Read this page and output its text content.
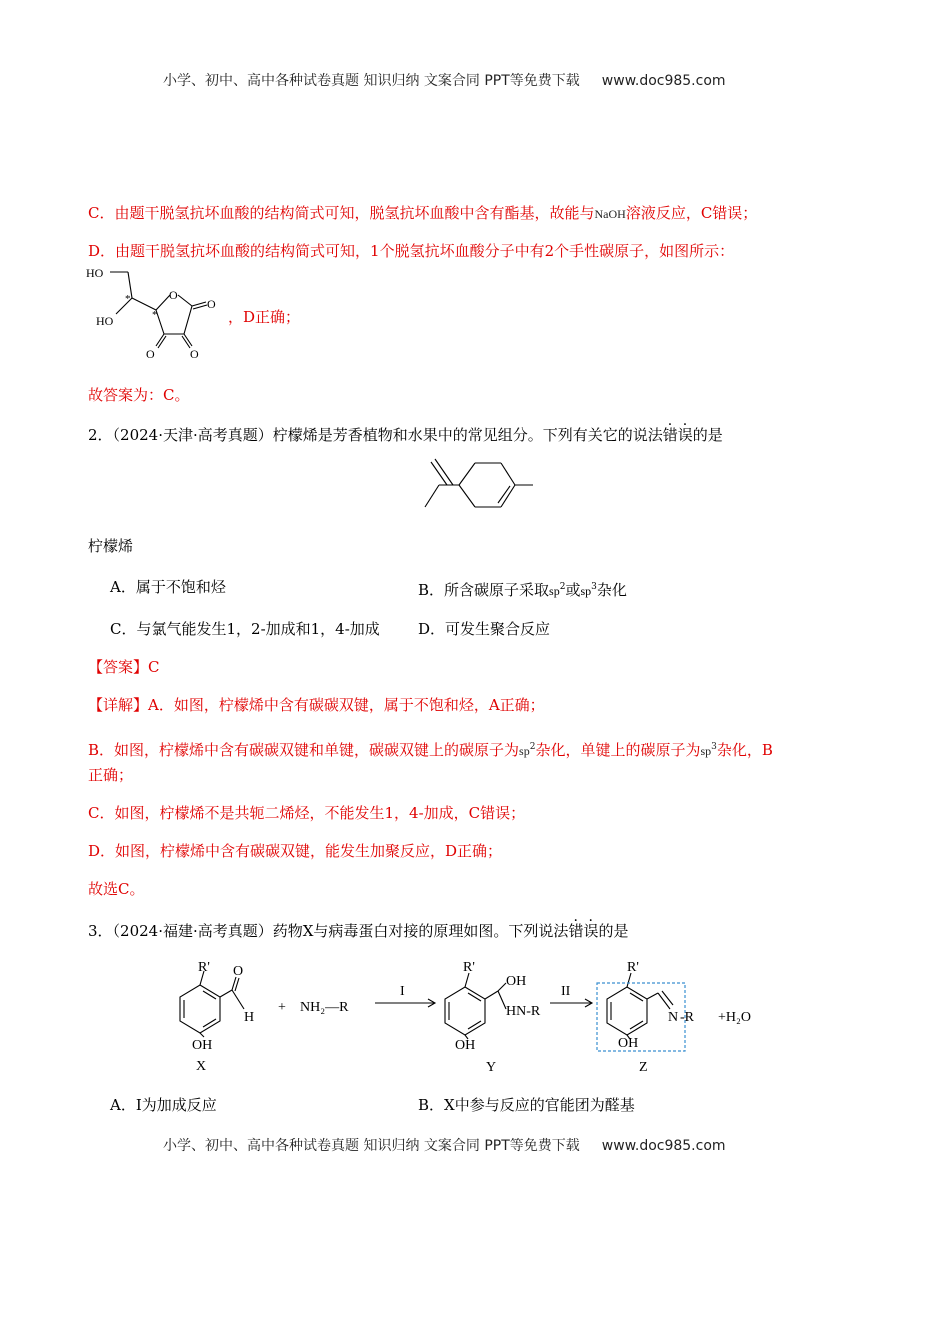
小学、初中、高中各种试卷真题 知识归纳 文案合同 PPT等免费下载 www.doc985.com
C．由题干脱氢抗坏血酸的结构简式可知，脱氢抗坏血酸中含有酯基，故能与NaOH溶液反应，C错误；
D．由题干脱氢抗坏血酸的结构简式可知，1个脱氢抗坏血酸分子中有2个手性碳原子，如图所示：
HO
HO
O
O
O	O
*
*	，D正确；
故答案为：C。
2．（2024·天津·高考真题）柠檬烯是芳香植物和水果中的常见组分。下列有关它的说法错误的是
柠檬烯
A．属于不饱和烃	B．所含碳原子采取$sp^2$或$sp^3$杂化
C．与氯气能发生1，2-加成和1，4-加成	D．可发生聚合反应
【答案】C
【详解】A．如图，柠檬烯中含有碳碳双键，属于不饱和烃，A正确；
B．如图，柠檬烯中含有碳碳双键和单键，碳碳双键上的碳原子为$sp^2$杂化，单键上的碳原子为$sp^3$杂化，B
正确；
C．如图，柠檬烯不是共轭二烯烃，不能发生1，4-加成，C错误；
D．如图，柠檬烯中含有碳碳双键，能发生加聚反应，D正确；
故选C。
3．（2024·福建·高考真题）药物X与病毒蛋白对接的原理如图。下列说法错误的是
R' O
H
OH
X
+ NH₂—R
I
R'
OH
HN-R
OH
Y
II
R'
N -R
OH
Z
+H₂O
A．Ⅰ为加成反应	B．X中参与反应的官能团为醛基
小学、初中、高中各种试卷真题 知识归纳 文案合同 PPT等免费下载 www.doc985.com
